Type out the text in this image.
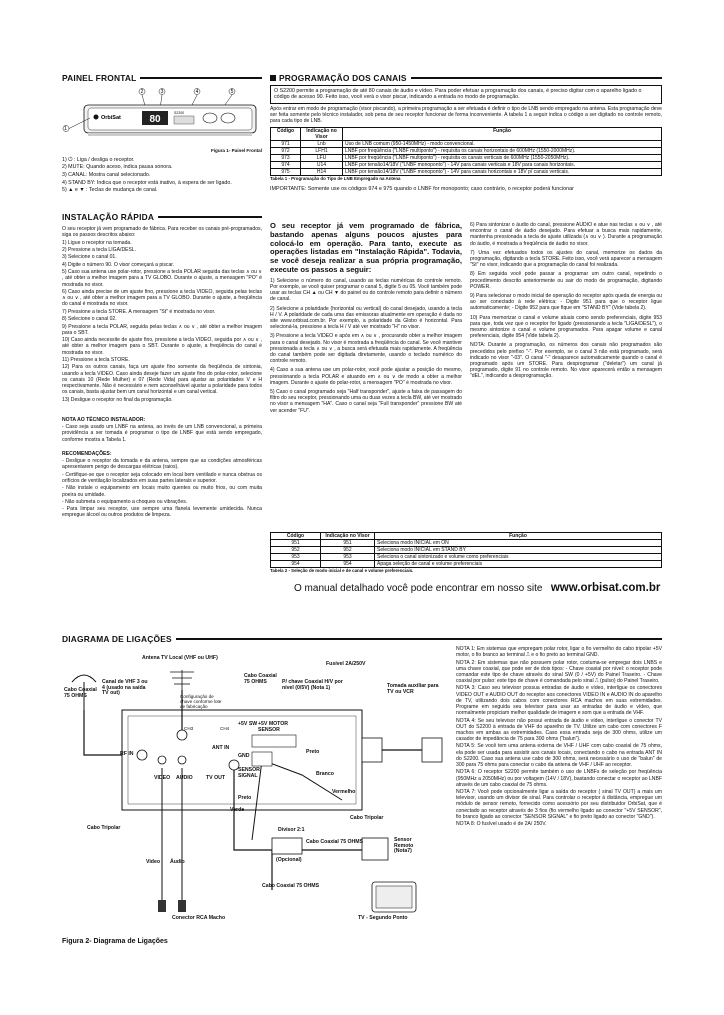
PAINEL FRONTAL
2	3	4	5
OrbiSat	80
S2200
1
Figura 1- Painel Frontal

1) ⏻ : Liga / desliga o receptor.

2) MUTE: Quando aceso, indica pausa sonora.

3) CANAL: Mostra canal selecionado.

4) STAND BY: Indica que o receptor está inativo, à espera de ser ligado.

5) ▲ e ▼ : Teclas de mudança de canal.

INSTALAÇÃO RÁPIDA

O seu receptor já vem programado de fábrica. Para receber os canais pré-programados, siga os passos descritos abaixo:

1) Ligue o receptor na tomada.

2) Pressione a tecla LIGA/DESL.

3) Selecione o canal 01.

4) Digite o número 90. O visor começará a piscar.

5) Caso sua antena use polar-rotor, pressione a tecla POLAR seguida das teclas ∧ ou ∨ , até obter a melhor imagem para a TV GLOBO. Durante o ajuste, a mensagem "PO" é mostrada no visor.

6) Caso ainda precise de um ajuste fino, pressione a tecla VIDEO, seguida pelas teclas ∧ ou ∨ , até obter a melhor imagem para a TV GLOBO. Durante o ajuste, a freqüência do canal é mostrada no visor.

7) Pressione a tecla STORE. A mensagem "St" é mostrada no visor.

8) Selecione o canal 02.

9) Pressione a tecla POLAR, seguida pelas teclas ∧ ou ∨ , até obter a melhor imagem para o SBT.

10) Caso ainda necessite de ajuste fino, pressione a tecla VIDEO, seguida por ∧ ou ∨ , até obter a melhor imagem para o SBT. Durante o ajuste, a freqüência do canal é mostrada no visor.

11) Pressione a tecla STORE.

12) Para os outros canais, faça um ajuste fino somente da freqüência de sintonia, usando a tecla VIDEO. Caso ainda deseje fazer um ajuste fino do polar-rotor, selecione os canais 10 (Rede Mulher) e 07 (Rede Vida) para ajustar as polaridades V e H respectivamente. Não é necessário e nem aconselhável ajustar a polaridade para todos os canais, basta ajustar bem um canal horizontal e um canal vertical.

13) Desligue o receptor no final da programação.

NOTA AO TÉCNICO INSTALADOR:

- Caso seja usado um LNBF na antena, ao invés de um LNB convencional, a primeira providência a ser tomada é programar o tipo de LNBF que está sendo empregado, conforme mostra a Tabela 1.

RECOMENDAÇÕES:

- Desligue o receptor da tomada e da antena, sempre que as condições atmosféricas apresentarem perigo de descargas elétricas (raios).

- Certifique-se que o receptor seja colocado em local bem ventilado e nunca obstrua os orifícios de ventilação localizados em suas partes laterais e superior.

- Não instale o equipamento em locais muito quentes ou muito frios, ou com muita poeira ou umidade.

- Não submeta o equipamento a choques ou vibrações.

- Para limpar seu receptor, use sempre uma flanela levemente umidecida. Nunca empregue álcool ou outros produtos de limpeza.

PROGRAMAÇÃO DOS CANAIS
O S2200 permite a programação de até 80 canais de áudio e vídeo. Para poder efetuar a programação dos canais, é preciso digitar com o aparelho ligado o código de acesso 90. Feito isso, você verá o visor piscar, indicando a entrada no modo de programação.

Após entrar em modo de programação (visor piscando), a primeira programação a ser efetuada é definir o tipo de LNB sendo empregado na antena. Esta programação deve ser feita somente pelo técnico instalador, sob pena de seu receptor funcionar de forma inconveniente. A tabela 1 a seguir indica o código a ser digitado no controle remoto, para cada tipo de LNB.

Código	Indicação no Visor	Função
971	Lnb	Uso de LNB comum (950-1450MHz) - modo convencional.
972	LFH1	LNBF por freqüência ("LNBF multiponto") - requisita os canais horizontais de 600MHz (1550-2000MHz).
973	LFU	LNBF por freqüência ("LNBF multiponto") - requisita os canais verticais de 600MHz (1550-2050MHz).
974	U14	LNBF por tensão14/18V ("LNBF monoponto") - 14V para canais verticais e 18V para canais horizontais.
975	H14	LNBF por tensão14/18V ("LNBF monoponto") - 14V para canais horizontais e 18V p/ canais verticais.
Tabela 1 - Programação do Tipo de LNB Empregado na Antena

IMPORTANTE: Somente use os códigos 974 e 975 quando o LNBF for monoponto; caso contrário, o receptor poderá funcionar

O seu receptor já vem programado de fábrica, bastando apenas alguns poucos ajustes para colocá-lo em operação. Para tanto, execute as operações listadas em "Instalação Rápida". Todavia, se você deseja realizar a sua própria programação, execute os passos a seguir:

1) Selecione o número do canal, usando as teclas numéricas do controle remoto. Por exemplo, se você quiser programar o canal 5, digite 5 ou 05. Você também pode usar as teclas CH ▲ ou CH ▼ do painel ou do controle remoto para definir o número de canal.

2) Selecione a polaridade (horizontal ou vertical) do canal desejado, usando a tecla H / V. A polaridade de cada uma das emissoras atualmente em operação é dada no site www.orbisat.com.br. Por exemplo, a polaridade da Globo é horizontal. Para selecioná-la, pressione a tecla H / V até ver mostrado "H" no visor.

3) Pressione a tecla VIDEO e após em ∧ ou ∨ , procurando obter a melhor imagem para o canal desejado. No visor é mostrada a freqüência do canal. Se você mantiver pressionada a tecla ∧ ou ∨ , a busca será efetuada mais rapidamente. A freqüência do canal também pode ser digitada diretamente, usando o teclado numérico do controle remoto.

4) Caso a sua antena use um polar-rotor, você pode ajustar a posição do mesmo, pressionando a tecla POLAR e atuando em ∧ ou ∨ de modo a obter a melhor imagem. Durante o ajuste do polar-rotor, a mensagem "PO" é mostrada no visor.

5) Caso o canal programado seja "Half transponder", ajuste a faixa de passagem do filtro do seu receptor, pressionando uma ou duas vezes a tecla BW, até ver mostrado no visor a mensagem "HA". Caso o canal seja "Full transponder" pressione BW até ver acender "FU".

6) Para sintonizar o áudio do canal, pressione AUDIO e atue nas teclas ∧ ou ∨ , até encontrar o canal de áudio desejado. Para efetuar a busca mais rapidamente, mantenha pressionada a tecla de ajuste utilizada (∧ ou ∨ ). Durante a programação do áudio, é mostrada a freqüência de áudio no visor.

7) Uma vez efetuados todos os ajustes do canal, memorize os dados da programação, digitando a tecla STORE. Feito isso, você verá aparecer a mensagem "St" no visor, indicando que a programação do canal foi realizada.

8) Em seguida você pode passar a programar um outro canal, repetindo o procedimento descrito anteriormente ou sair do modo de programação, digitando POWER.

9) Para selecionar o modo inicial de operação do receptor após queda de energia ou ao ser conectado à rede elétrica: - Digite 951 para que o receptor ligue automaticamente; - Digite 952 para que fique em "STAND BY" (Vide tabela 2).

10) Para memorizar o canal e volume atuais como sendo preferenciais, digite 953 para que, toda vez que o receptor for ligado (pressionando a tecla "LIGA/DESL"), o mesmo sintonize o canal e volume programados. Para apagar volume e canal preferenciais, digite 954 (Vide tabela 2).

NOTA: Durante a programação, os números dos canais não programados são precedidos pelo prefixo "-". Por exemplo, se o canal 3 não está programado, será indicado no visor "-03". O canal "-" desaparece automaticamente quando o canal é programado após um STORE. Para desprogramar ("deletar") um canal já programado, digite 91 no controle remoto. No visor aparecerá então a mensagem "dEL", indicando a desprogramação.

Código	Indicação no Visor	Função
951	951	Seleciona modo INICIAL em ON
952	952	Seleciona modo INICIAL em STAND BY
953	953	Seleciona o canal sintonizado e volume como preferenciais
954	954	Apaga seleção de canal e volume preferenciais
Tabela 2 - Seleção de modo inicial e de canal e volume preferenciais.
O manual detalhado você pode encontrar em nosso site www.orbisat.com.br
DIAGRAMA DE LIGAÇÕES
Antena TV Local (VHF ou UHF)
Cabo Coaxial 75 OHMS
Cabo Coaxial 75 OHMS
Canal de VHF 3 ou 4 (usado na saída TV out)
Configuração de chave conforme lote de fabricação
Fusível 2A/250V
Tomada auxiliar para TV ou VCR
P/ chave Coaxial H/V por nível (0/5V) (Nota 1)
+5V SW +5V MOTOR SENSOR
GND
SENSOR SIGNAL
ANT IN
RF IN
VIDEO AUDIO	TV OUT
CH3	CH4
Branco
Vermelho
Preto
Preto
Verde
Cabo Tripolar
Cabo Tripolar
Divisor 2:1
(Opcional)
Cabo Coaxial 75 OHMS
Cabo Coaxial 75 OHMS
Sensor Remoto (Nota7)
Video Áudio
Conector RCA Macho	TV - Segundo Ponto
Figura 2- Diagrama de Ligações

NOTA 1: Em sistemas que empregam polar rotor, ligar o fio vermelho do cabo tripolar +5V motor, o fio branco ao terminal ⎍ e o fio preto ao terminal GND.

NOTA 2: Em sistemas que não possuem polar rotor, costuma-se empregar dois LNBS e uma chave coaxial, que pode ser de dois tipos: - Chave coaxial por nível: o receptor pode comandar este tipo de chave através do sinal SW (0 / +5V) do Painel Traseiro. - Chave coaxial por pulso: este tipo de chave é comandada pelo sinal ⎍ (pulso) do Painel Traseiro.

NOTA 3: Caso seu televisor possua entradas de áudio e vídeo, interligue os conectores VIDEO OUT e AUDIO OUT do receptor aos conectores VIDEO IN e AUDIO IN do aparelho de TV, utilizando dois cabos com conectores RCA machos em suas extremidades. Programe em seguida seu televisor para usar as entradas de áudio e vídeo, que normalmente propiciam melhor qualidade de imagem e som que a entrada de VHF.

NOTA 4: Se seu televisor não possui entrada de áudio e vídeo, interligue o conector TV OUT do S2200 à entrada de VHF do aparelho de TV. Utilize um cabo com conectores F machos em ambas as extremidades. Caso essa entrada seja de 300 ohms, utilize um casador de impedância de 75 para 300 ohms ("balun").

NOTA 5: Se você tem uma antena externa de VHF / UHF com cabo coaxial de 75 ohms, ela pode ser usada para assistir aos canais locais, conectando o cabo na entrada ANT IN do S2200. Caso sua antena use cabo de 300 ohms, será necessário o uso de "balun" de 300 para 75 ohms para conectar o cabo da antena de VHF / UHF ao receptor.

NOTA 6: O receptor S2200 permite também o uso de LNBFs de seleção por freqüência (950MHz a 2050MHz) ou por voltagem (14V / 18V), bastando conectar o receptor ao LNBF através de um cabo coaxial de 75 ohms.

NOTA 7: Você pode opcionalmente ligar a saída do receptor ( sinal TV OUT) a mais um televisor, usando um divisor de sinal. Para controlar o receptor à distância, empregue um módulo de sensor remoto, fornecido como acessório por seu distribuidor OrbiSat, que é conectado ao receptor através de 3 fios (fio vermelho ligado ao conector "+5V SENSOR", fio branco ligado ao conector "SENSOR SIGNAL" e fio preto ligado ao conector "GND").

NOTA 8: O fusível usado é de 2A/ 250V.
